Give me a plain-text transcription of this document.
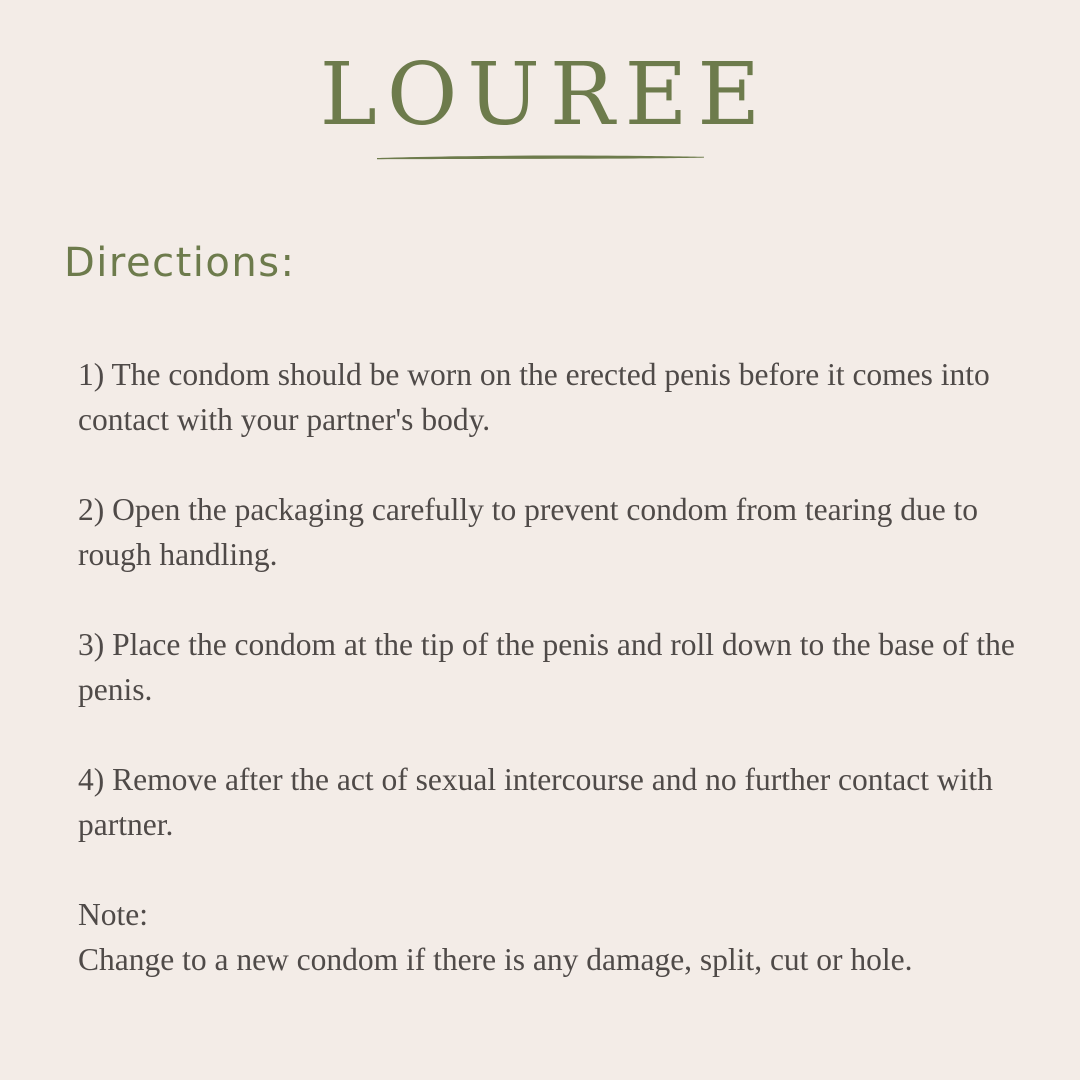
LOUREE
Directions:

1) The condom should be worn on the erected penis before it comes into contact with your partner's body.

2) Open the packaging carefully to prevent condom from tearing due to rough handling.

3) Place the condom at the tip of the penis and roll down to the base of the penis.

4) Remove after the act of sexual intercourse and no further contact with partner.

Note:
Change to a new condom if there is any damage, split, cut or hole.
